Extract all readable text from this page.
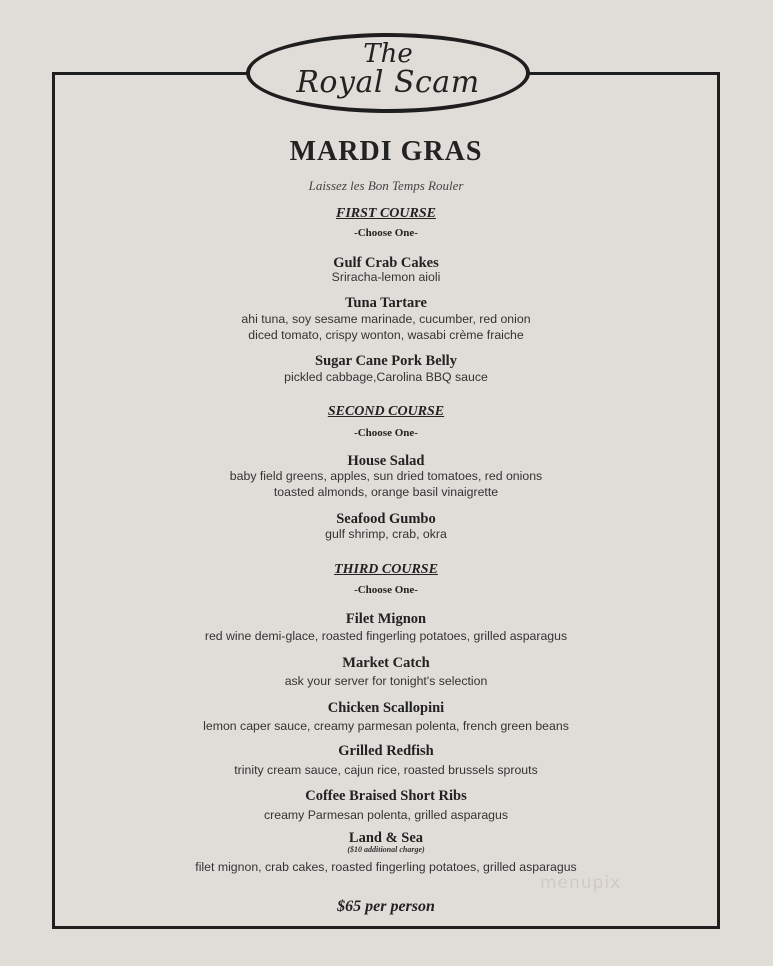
The
Royal Scam
MARDI GRAS
Laissez les Bon Temps Rouler
FIRST COURSE
-Choose One-
Gulf Crab Cakes
Sriracha-lemon aioli
Tuna Tartare
ahi tuna, soy sesame marinade, cucumber, red onion
diced tomato, crispy wonton, wasabi crème fraiche
Sugar Cane Pork Belly
pickled cabbage,Carolina BBQ sauce
SECOND COURSE
-Choose One-
House Salad
baby field greens, apples, sun dried tomatoes, red onions
toasted almonds, orange basil vinaigrette
Seafood Gumbo
gulf shrimp, crab, okra
THIRD COURSE
-Choose One-
Filet Mignon
red wine demi-glace, roasted fingerling potatoes, grilled asparagus
Market Catch
ask your server for tonight's selection
Chicken Scallopini
lemon caper sauce, creamy parmesan polenta, french green beans
Grilled Redfish
trinity cream sauce, cajun rice, roasted brussels sprouts
Coffee Braised Short Ribs
creamy Parmesan polenta, grilled asparagus
Land & Sea
($10 additional charge)
filet mignon, crab cakes, roasted fingerling potatoes, grilled asparagus
$65 per person
menupix
